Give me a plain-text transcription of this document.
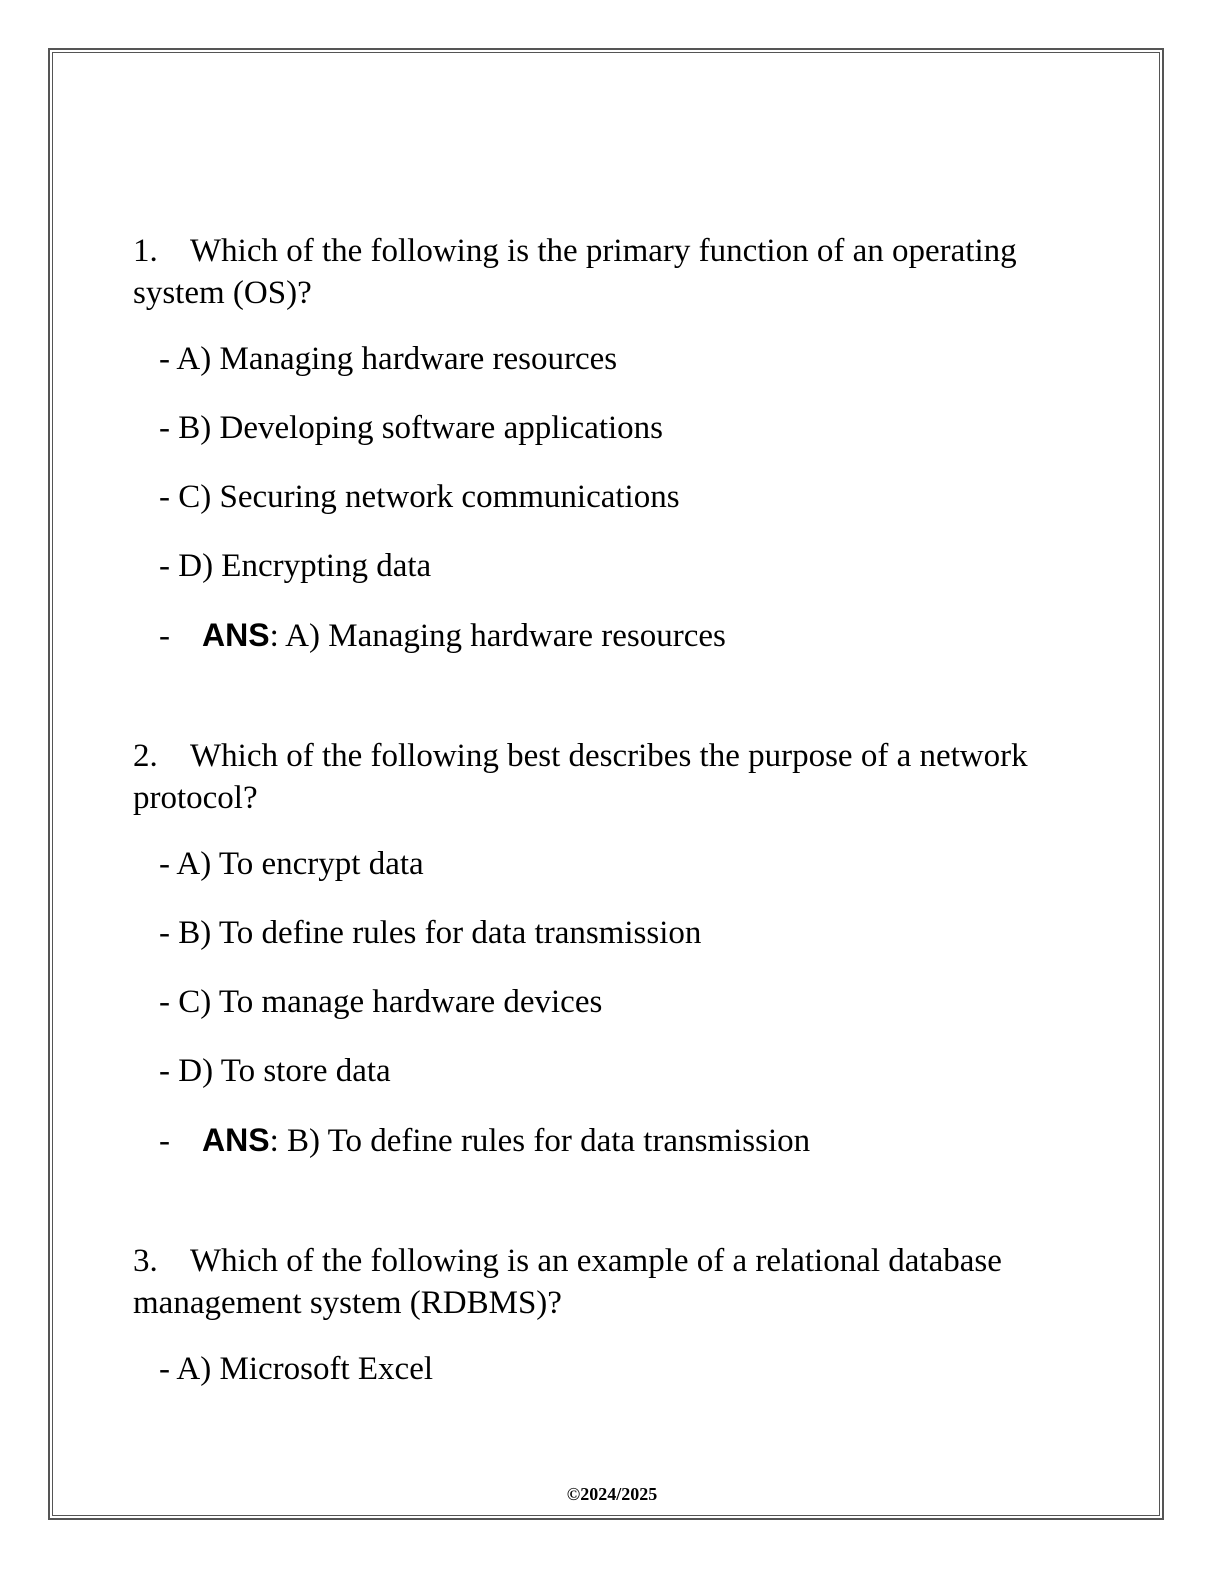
1. Which of the following is the primary function of an operating system (OS)?
- A) Managing hardware resources
- B) Developing software applications
- C) Securing network communications
- D) Encrypting data
- ANS: A) Managing hardware resources
2. Which of the following best describes the purpose of a network protocol?
- A) To encrypt data
- B) To define rules for data transmission
- C) To manage hardware devices
- D) To store data
- ANS: B) To define rules for data transmission
3. Which of the following is an example of a relational database management system (RDBMS)?
- A) Microsoft Excel
©2024/2025
